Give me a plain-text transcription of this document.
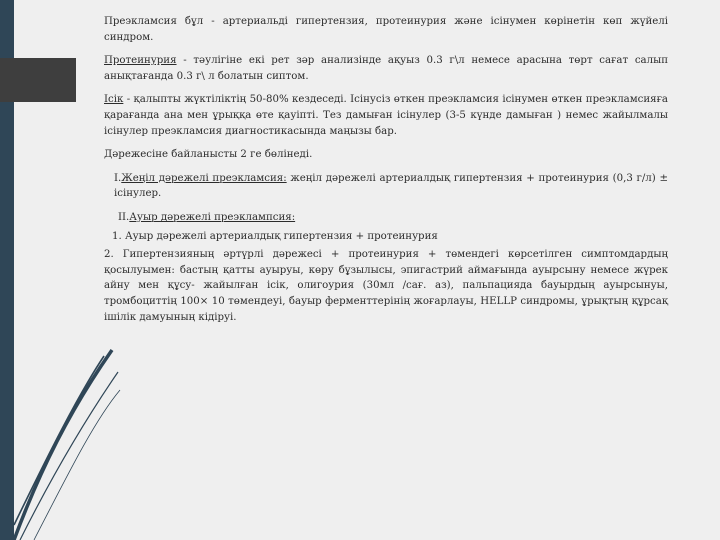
Преэкламсия бұл - артериальді гипертензия, протеинурия және ісінумен көрінетін көп жүйелі синдром.

Протеинурия - тәулігіне екі рет зәр анализінде ақуыз 0.3 г\л немесе арасына төрт сағат салып анықтағанда 0.3 г\ л болатын сиптом.

Ісік - қалыпты жүктіліктің 50-80% кездеседі. Ісінусіз өткен преэкламсия ісінумен өткен преэкламсияға қарағанда ана мен ұрыққа өте қауіпті. Тез дамыған ісінулер (3-5 күнде дамыған ) немес жайылмалы ісінулер преэкламсия диагностикасында маңызы бар.

Дәрежесіне байланысты 2 ге бөлінеді.

I.Жеңіл дәрежелі преэкламсия: жеңіл дәрежелі артериалдық гипертензия + протеинурия (0,3 г/л) ± ісінулер.

II.Ауыр дәрежелі преэклампсия:

1. Ауыр дәрежелі артериалдық гипертензия + протеинурия

2. Гипертензияның әртүрлі дәрежесі + протеинурия + төмендегі көрсетілген симптомдардың қосылуымен: бастың қатты ауыруы, көру бұзылысы, эпигастрий аймағында ауырсыну немесе жүрек айну мен құсу- жайылған ісік, олигоурия (30мл /сағ. аз), пальпацияда бауырдың ауырсынуы, тромбоциттің 100× 10 төмендеуі, бауыр ферменттерінің жоғарлауы, HELLP синдромы, ұрықтың құрсақ ішілік дамуының кідіруі.
